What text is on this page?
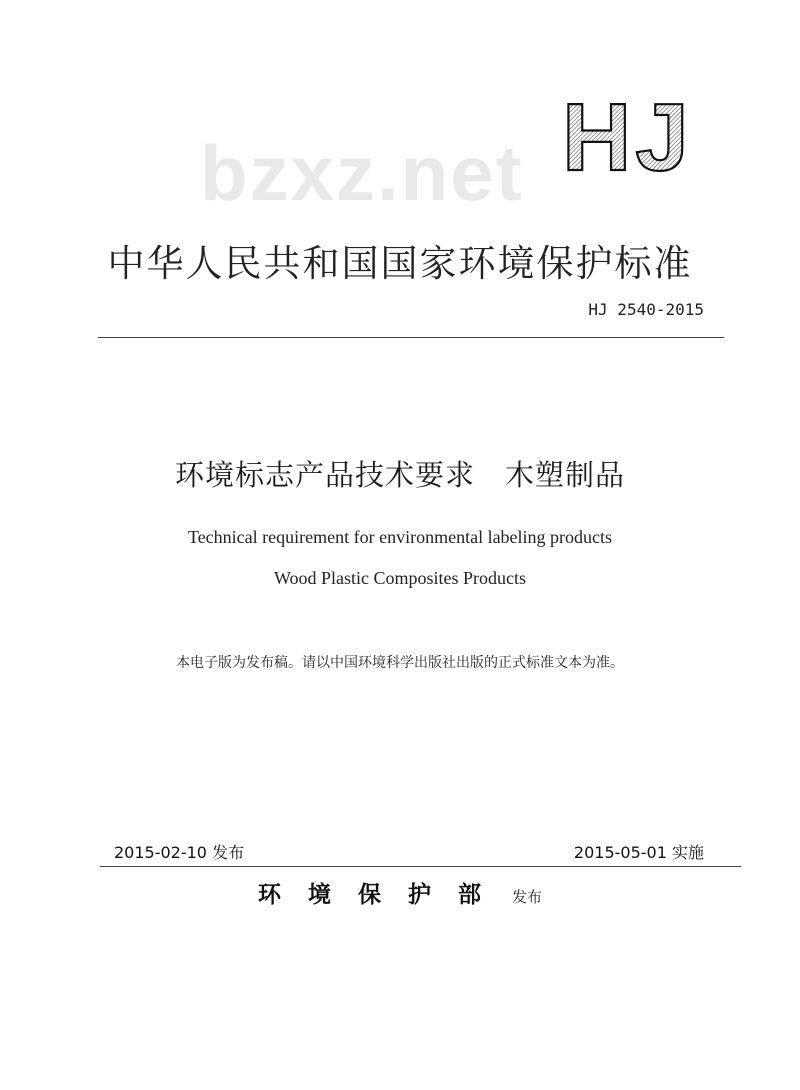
bzxz.net HJ
中华人民共和国国家环境保护标准
HJ 2540-2015
环境标志产品技术要求　木塑制品
Technical requirement for environmental labeling products
Wood Plastic Composites Products
本电子版为发布稿。请以中国环境科学出版社出版的正式标准文本为准。
2015-02-10 发布	2015-05-01 实施
环境保护部 发布
